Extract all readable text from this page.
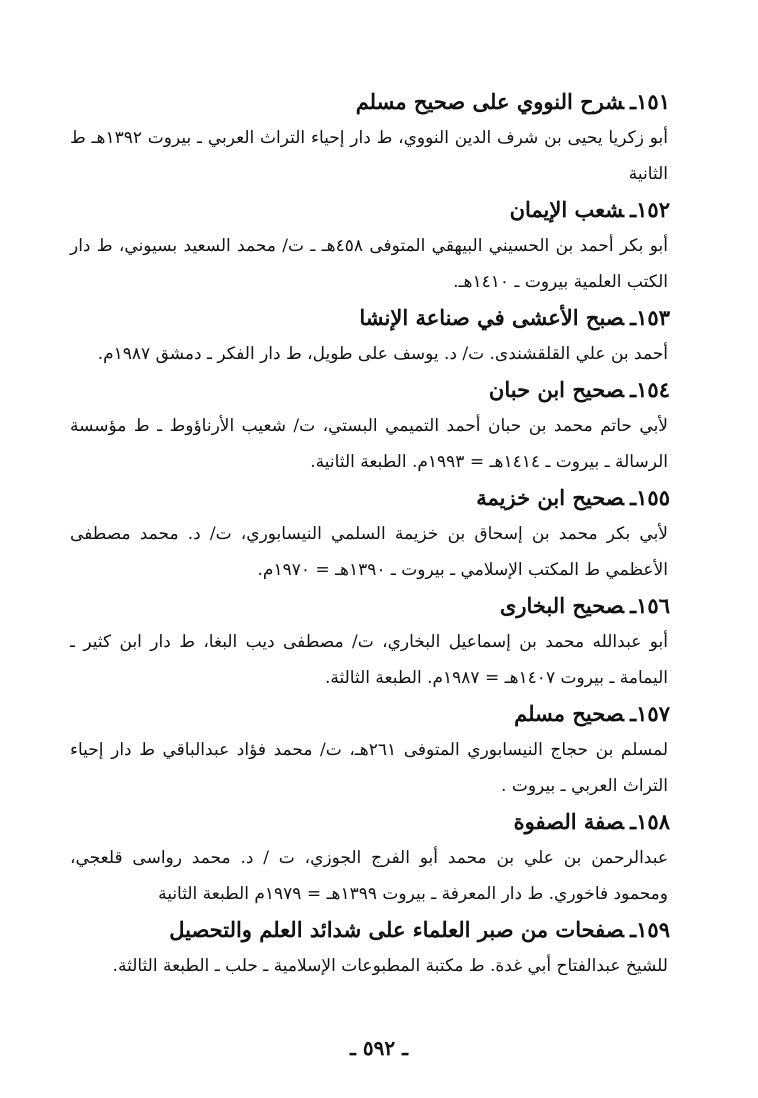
١٥١ـشرح النووي على صحيح مسلم
أبو زكريا يحيى بن شرف الدين النووي، ط دار إحياء التراث العربي ـ بيروت ١٣٩٢هـ ط الثانية
١٥٢ـشعب الإيمان
أبو بكر أحمد بن الحسيني البيهقي المتوفى ٤٥٨هـ ـ ت/ محمد السعيد بسيوني، ط دار الكتب العلمية بيروت ـ ١٤١٠هـ.
١٥٣ـصبح الأعشى في صناعة الإنشا
أحمد بن علي القلقشندى. ت/ د. يوسف على طويل، ط دار الفكر ـ دمشق ١٩٨٧م.
١٥٤ـصحيح ابن حبان
لأبي حاتم محمد بن حبان أحمد التميمي البستي، ت/ شعيب الأرناؤوط ـ ط مؤسسة الرسالة ـ بيروت ـ ١٤١٤هـ = ١٩٩٣م. الطبعة الثانية.
١٥٥ـصحيح ابن خزيمة
لأبي بكر محمد بن إسحاق بن خزيمة السلمي النيسابوري، ت/ د. محمد مصطفى الأعظمي ط المكتب الإسلامي ـ بيروت ـ ١٣٩٠هـ = ١٩٧٠م.
١٥٦ـصحيح البخارى
أبو عبدالله محمد بن إسماعيل البخاري، ت/ مصطفى ديب البغا، ط دار ابن كثير ـ اليمامة ـ بيروت ١٤٠٧هـ = ١٩٨٧م. الطبعة الثالثة.
١٥٧ـصحيح مسلم
لمسلم بن حجاج النيسابوري المتوفى ٢٦١هـ، ت/ محمد فؤاد عبدالباقي ط دار إحياء التراث العربي ـ بيروت .
١٥٨ـصفة الصفوة
عبدالرحمن بن علي بن محمد أبو الفرج الجوزي، ت / د. محمد رواسى قلعجي، ومحمود فاخوري. ط دار المعرفة ـ بيروت ١٣٩٩هـ = ١٩٧٩م الطبعة الثانية
١٥٩ـصفحات من صبر العلماء على شدائد العلم والتحصيل
للشيخ عبدالفتاح أبي غدة. ط مكتبة المطبوعات الإسلامية ـ حلب ـ الطبعة الثالثة.
ـ ٥٩٢ ـ
